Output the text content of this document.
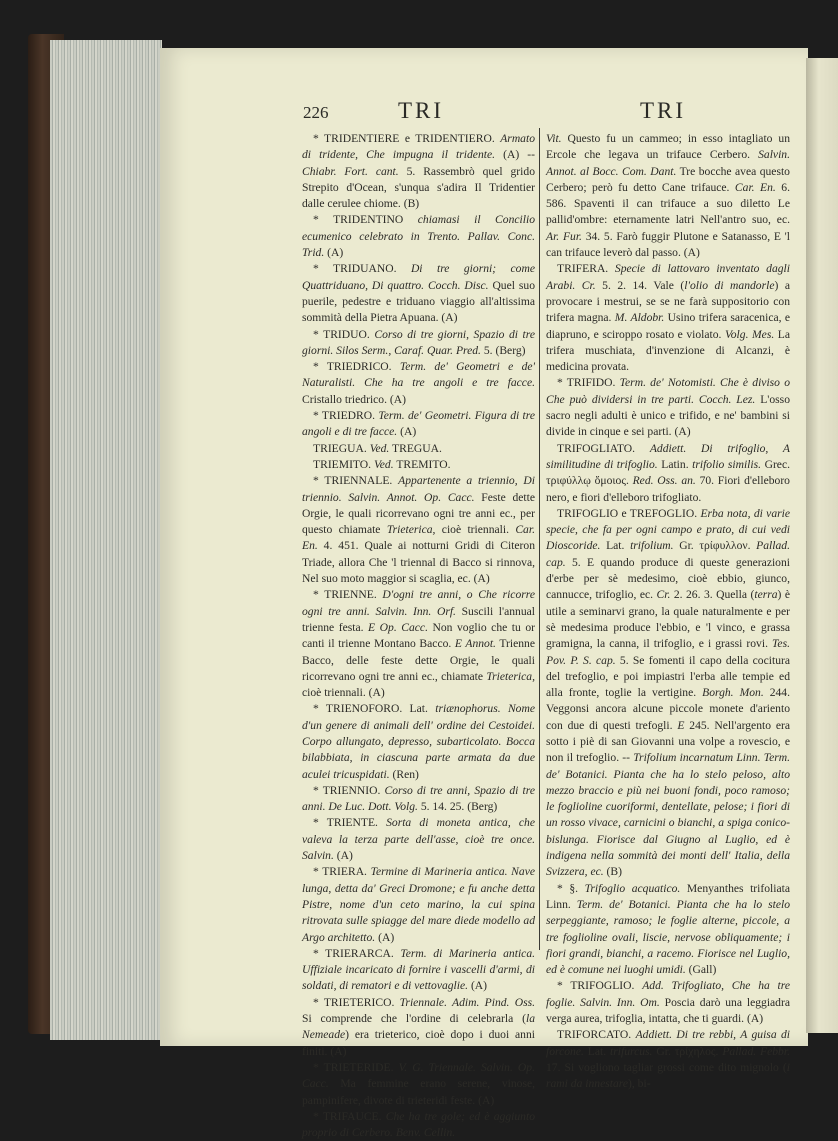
226	TRI	TRI

* TRIDENTIERE e TRIDENTIERO. Armato di tridente, Che impugna il tridente. (A) -- Chiabr. Fort. cant. 5. Rassembrò quel grido Strepito d'Ocean, s'unqua s'adira Il Tridentier dalle cerulee chiome. (B)

* TRIDENTINO chiamasi il Concilio ecumenico celebrato in Trento. Pallav. Conc. Trid. (A)

* TRIDUANO. Di tre giorni; come Quattriduano, Di quattro. Cocch. Disc. Quel suo puerile, pedestre e triduano viaggio all'altissima sommità della Pietra Apuana. (A)

* TRIDUO. Corso di tre giorni, Spazio di tre giorni. Silos Serm., Caraf. Quar. Pred. 5. (Berg)

* TRIEDRICO. Term. de' Geometri e de' Naturalisti. Che ha tre angoli e tre facce. Cristallo triedrico. (A)

* TRIEDRO. Term. de' Geometri. Figura di tre angoli e di tre facce. (A)

TRIEGUA. Ved. TREGUA.

TRIEMITO. Ved. TREMITO.

* TRIENNALE. Appartenente a triennio, Di triennio. Salvin. Annot. Op. Cacc. Feste dette Orgie, le quali ricorrevano ogni tre anni ec., per questo chiamate Trieterica, cioè triennali. Car. En. 4. 451. Quale ai notturni Gridi di Citeron Triade, allora Che 'l triennal di Bacco si rinnova, Nel suo moto maggior si scaglia, ec. (A)

* TRIENNE. D'ogni tre anni, o Che ricorre ogni tre anni. Salvin. Inn. Orf. Suscili l'annual trienne festa. E Op. Cacc. Non voglio che tu or canti il trienne Montano Bacco. E Annot. Trienne Bacco, delle feste dette Orgie, le quali ricorrevano ogni tre anni ec., chiamate Trieterica, cioè triennali. (A)

* TRIENOFORO. Lat. triænophorus. Nome d'un genere di animali dell' ordine dei Cestoidei. Corpo allungato, depresso, subarticolato. Bocca bilabbiata, in ciascuna parte armata da due aculei tricuspidati. (Ren)

* TRIENNIO. Corso di tre anni, Spazio di tre anni. De Luc. Dott. Volg. 5. 14. 25. (Berg)

* TRIENTE. Sorta di moneta antica, che valeva la terza parte dell'asse, cioè tre once. Salvin. (A)

* TRIERA. Termine di Marineria antica. Nave lunga, detta da' Greci Dromone; e fu anche detta Pistre, nome d'un ceto marino, la cui spina ritrovata sulle spiagge del mare diede modello ad Argo architetto. (A)

* TRIERARCA. Term. di Marineria antica. Uffiziale incaricato di fornire i vascelli d'armi, di soldati, di rematori e di vettovaglie. (A)

* TRIETERICO. Triennale. Adim. Pind. Oss. Si comprende che l'ordine di celebrarla (la Nemeade) era trieterico, cioè dopo i duoi anni finiti. (A)

* TRIETERIDE. V. G. Triennale. Salvin. Op. Cacc. Ma femmine erano serene, vinose, pampinifere, divote di trieteridi feste. (A)

* TRIFAUCE. Che ha tre gole; ed è aggiunto proprio di Cerbero. Benv. Cellin.

Vit. Questo fu un cammeo; in esso intagliato un Ercole che legava un trifauce Cerbero. Salvin. Annot. al Bocc. Com. Dant. Tre bocche avea questo Cerbero; però fu detto Cane trifauce. Car. En. 6. 586. Spaventi il can trifauce a suo diletto Le pallid'ombre: eternamente latri Nell'antro suo, ec. Ar. Fur. 34. 5. Farò fuggir Plutone e Satanasso, E 'l can trifauce leverò dal passo. (A)

TRIFERA. Specie di lattovaro inventato dagli Arabi. Cr. 5. 2. 14. Vale (l'olio di mandorle) a provocare i mestrui, se se ne farà suppositorio con trifera magna. M. Aldobr. Usino trifera saracenica, e diapruno, e sciroppo rosato e violato. Volg. Mes. La trifera muschiata, d'invenzione di Alcanzi, è medicina provata.

* TRIFIDO. Term. de' Notomisti. Che è diviso o Che può dividersi in tre parti. Cocch. Lez. L'osso sacro negli adulti è unico e trifido, e ne' bambini si divide in cinque e sei parti. (A)

TRIFOGLIATO. Addiett. Di trifoglio, A similitudine di trifoglio. Latin. trifolio similis. Grec. τριφύλλῳ ὅμοιος. Red. Oss. an. 70. Fiori d'elleboro nero, e fiori d'elleboro trifogliato.

TRIFOGLIO e TREFOGLIO. Erba nota, di varie specie, che fa per ogni campo e prato, di cui vedi Dioscoride. Lat. trifolium. Gr. τρίφυλλον. Pallad. cap. 5. E quando produce di queste generazioni d'erbe per sè medesimo, cioè ebbio, giunco, cannucce, trifoglio, ec. Cr. 2. 26. 3. Quella (terra) è utile a seminarvi grano, la quale naturalmente e per sè medesima produce l'ebbio, e 'l vinco, e grassa gramigna, la canna, il trifoglio, e i grassi rovi. Tes. Pov. P. S. cap. 5. Se fomenti il capo della cocitura del trefoglio, e poi impiastri l'erba alle tempie ed alla fronte, toglie la vertigine. Borgh. Mon. 244. Veggonsi ancora alcune piccole monete d'ariento con due di questi trefogli. E 245. Nell'argento era sotto i piè di san Giovanni una volpe a rovescio, e non il trefoglio. -- Trifolium incarnatum Linn. Term. de' Botanici. Pianta che ha lo stelo peloso, alto mezzo braccio e più nei buoni fondi, poco ramoso; le foglioline cuoriformi, dentellate, pelose; i fiori di un rosso vivace, carnicini o bianchi, a spiga conico-bislunga. Fiorisce dal Giugno al Luglio, ed è indigena nella sommità dei monti dell' Italia, della Svizzera, ec. (B)

* §. Trifoglio acquatico. Menyanthes trifoliata Linn. Term. de' Botanici. Pianta che ha lo stelo serpeggiante, ramoso; le foglie alterne, piccole, a tre foglioline ovali, liscie, nervose obliquamente; i fiori grandi, bianchi, a racemo. Fiorisce nel Luglio, ed è comune nei luoghi umidi. (Gall)

* TRIFOGLIO. Add. Trifogliato, Che ha tre foglie. Salvin. Inn. Om. Poscia darò una leggiadra verga aurea, trifoglia, intatta, che ti guardi. (A)

TRIFORCATO. Addiett. Di tre rebbi, A guisa di forcone. Lat. trifurcus. Gr. τρίχηλος. Pallad. Febbr. 17. Si vogliono tagliar grossi come dito mignolo (i rami da innestare), bi-
